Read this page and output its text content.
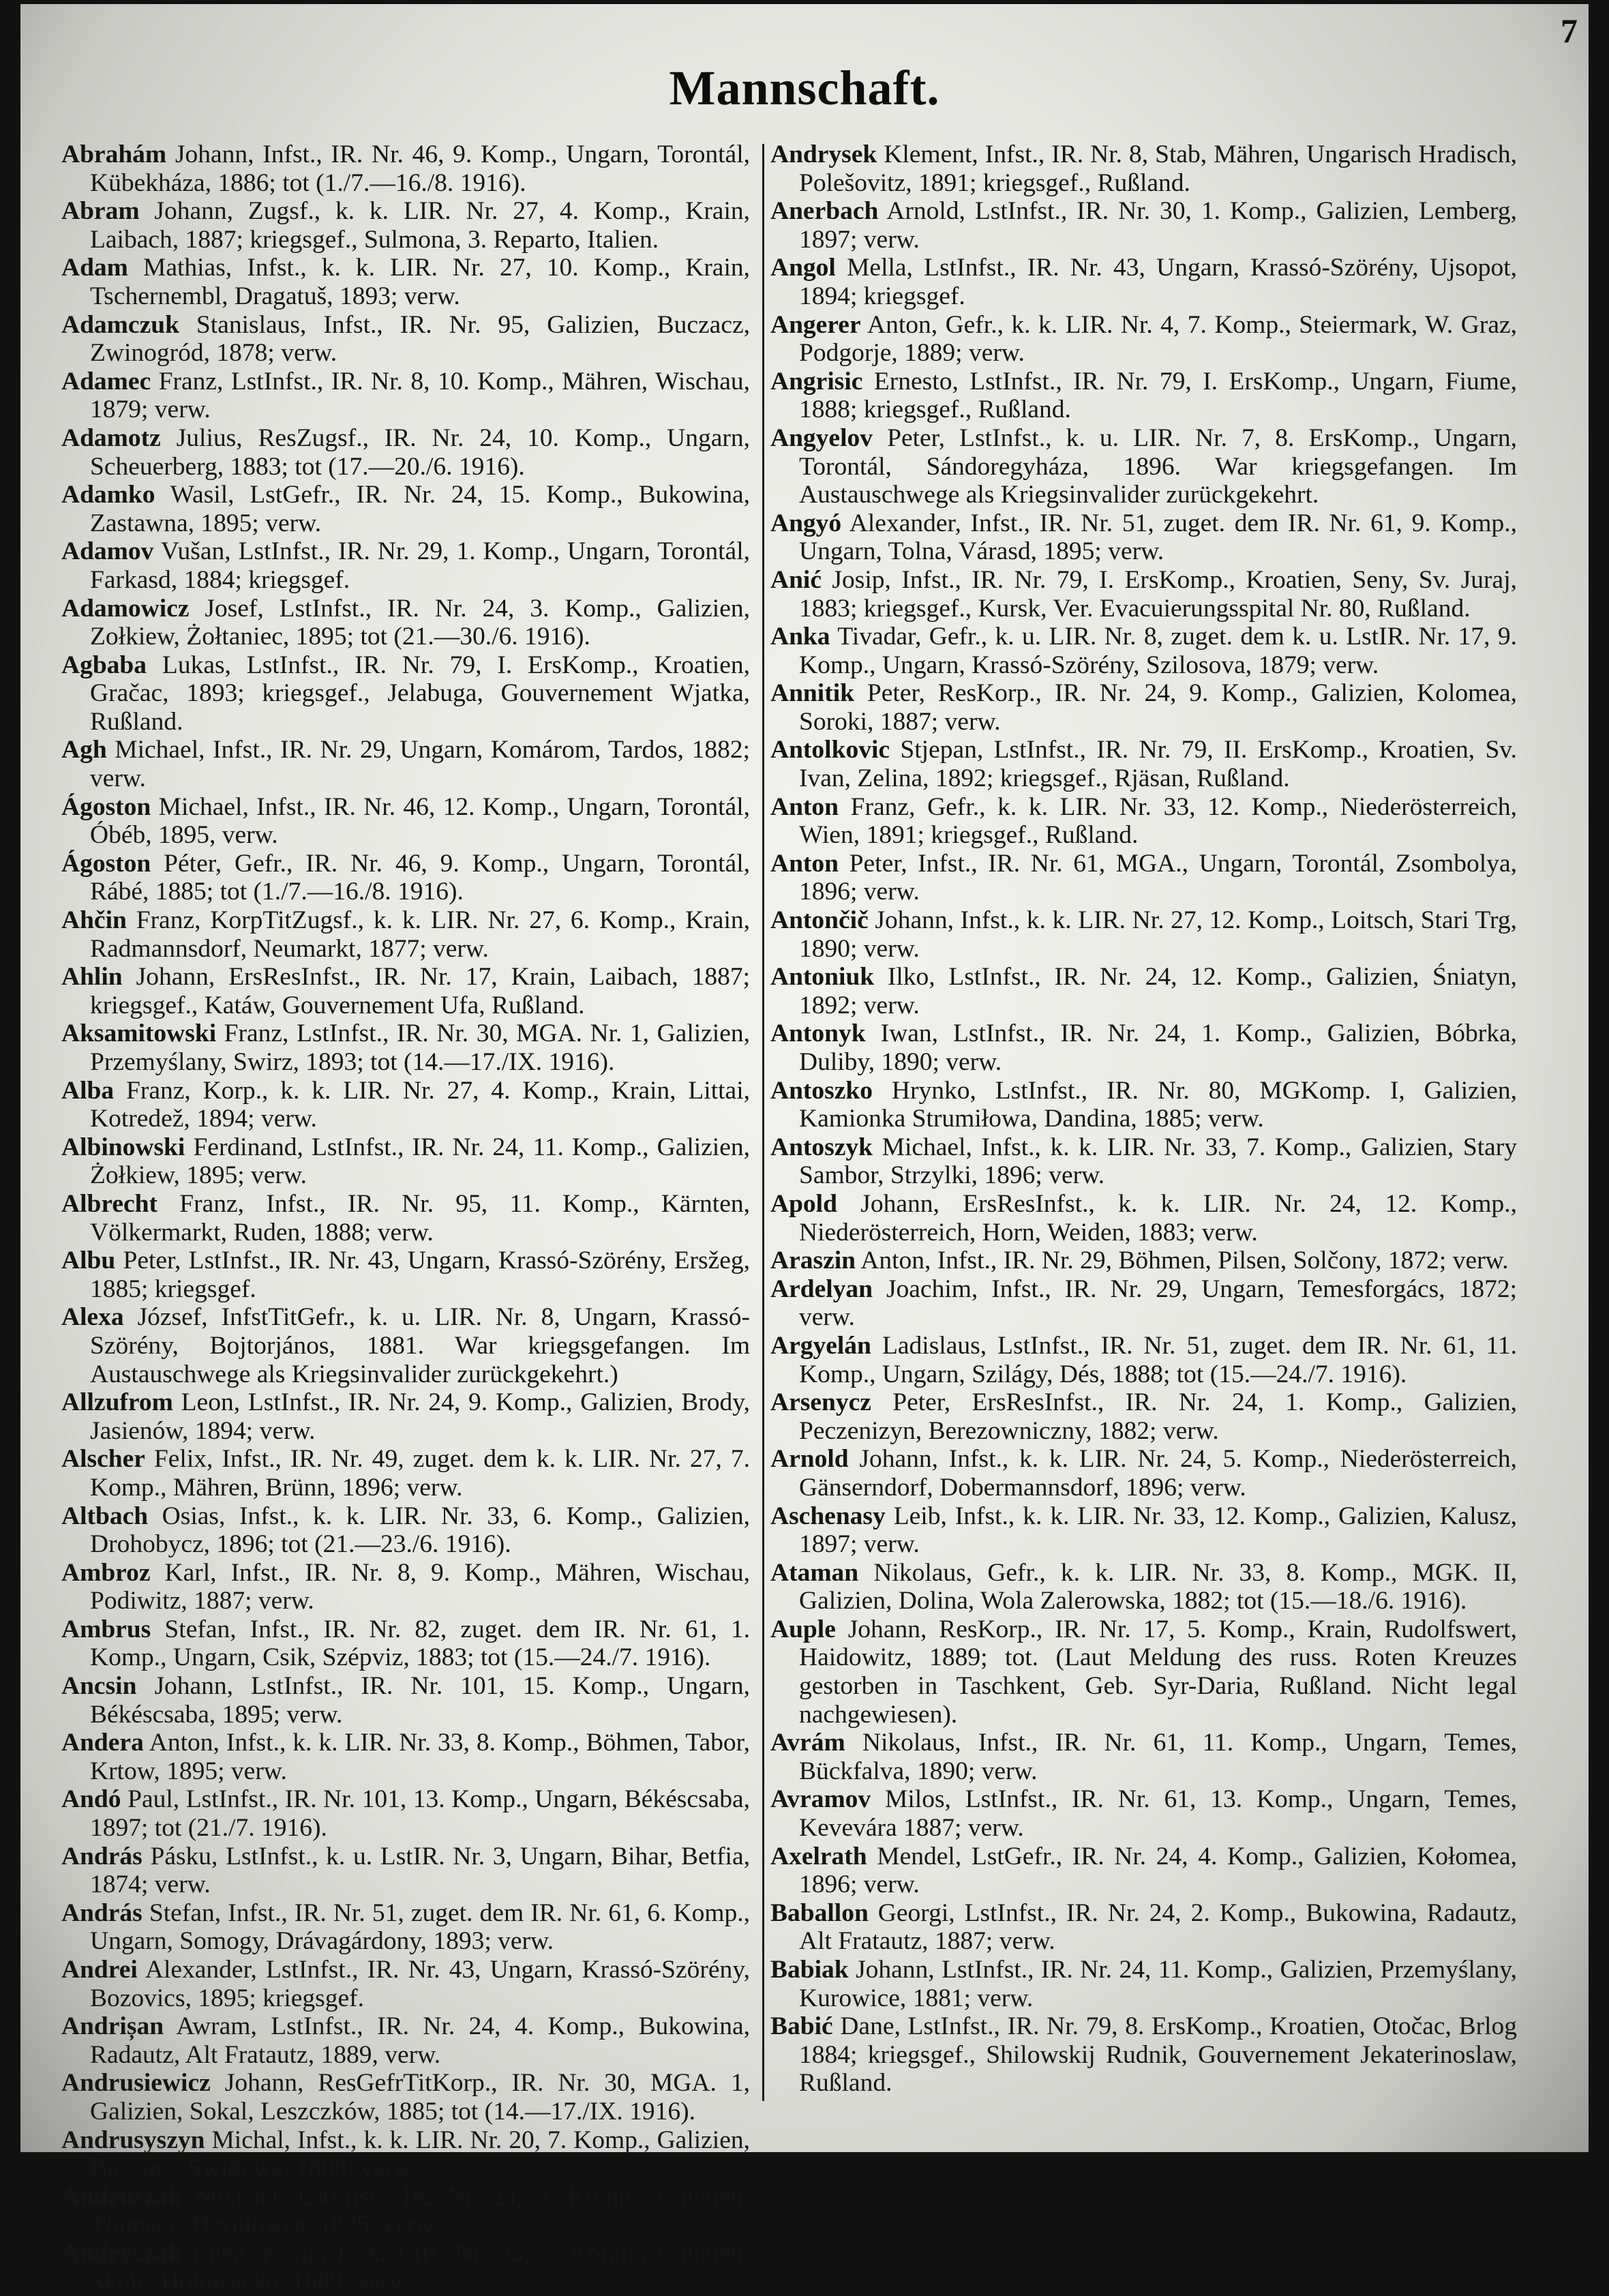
7
Mannschaft.

Abrahám Johann, Infst., IR. Nr. 46, 9. Komp., Ungarn, Torontál, Kübekháza, 1886; tot (1./7.—16./8. 1916).

Abram Johann, Zugsf., k. k. LIR. Nr. 27, 4. Komp., Krain, Laibach, 1887; kriegsgef., Sulmona, 3. Reparto, Italien.

Adam Mathias, Infst., k. k. LIR. Nr. 27, 10. Komp., Krain, Tschernembl, Dragatuš, 1893; verw.

Adamczuk Stanislaus, Infst., IR. Nr. 95, Galizien, Buczacz, Zwinogród, 1878; verw.

Adamec Franz, LstInfst., IR. Nr. 8, 10. Komp., Mähren, Wischau, 1879; verw.

Adamotz Julius, ResZugsf., IR. Nr. 24, 10. Komp., Ungarn, Scheuerberg, 1883; tot (17.—20./6. 1916).

Adamko Wasil, LstGefr., IR. Nr. 24, 15. Komp., Bukowina, Zastawna, 1895; verw.

Adamov Vušan, LstInfst., IR. Nr. 29, 1. Komp., Ungarn, Torontál, Farkasd, 1884; kriegsgef.

Adamowicz Josef, LstInfst., IR. Nr. 24, 3. Komp., Galizien, Zołkiew, Żołtaniec, 1895; tot (21.—30./6. 1916).

Agbaba Lukas, LstInfst., IR. Nr. 79, I. ErsKomp., Kroatien, Gračac, 1893; kriegsgef., Jelabuga, Gouvernement Wjatka, Rußland.

Agh Michael, Infst., IR. Nr. 29, Ungarn, Komárom, Tardos, 1882; verw.

Ágoston Michael, Infst., IR. Nr. 46, 12. Komp., Ungarn, Torontál, Óbéb, 1895, verw.

Ágoston Péter, Gefr., IR. Nr. 46, 9. Komp., Ungarn, Torontál, Rábé, 1885; tot (1./7.—16./8. 1916).

Ahčin Franz, KorpTitZugsf., k. k. LIR. Nr. 27, 6. Komp., Krain, Radmannsdorf, Neumarkt, 1877; verw.

Ahlin Johann, ErsResInfst., IR. Nr. 17, Krain, Laibach, 1887; kriegsgef., Katáw, Gouvernement Ufa, Rußland.

Aksamitowski Franz, LstInfst., IR. Nr. 30, MGA. Nr. 1, Galizien, Przemyślany, Swirz, 1893; tot (14.—17./IX. 1916).

Alba Franz, Korp., k. k. LIR. Nr. 27, 4. Komp., Krain, Littai, Kotredež, 1894; verw.

Albinowski Ferdinand, LstInfst., IR. Nr. 24, 11. Komp., Galizien, Żołkiew, 1895; verw.

Albrecht Franz, Infst., IR. Nr. 95, 11. Komp., Kärnten, Völkermarkt, Ruden, 1888; verw.

Albu Peter, LstInfst., IR. Nr. 43, Ungarn, Krassó-Szörény, Ersžeg, 1885; kriegsgef.

Alexa József, InfstTitGefr., k. u. LIR. Nr. 8, Ungarn, Krassó-Szörény, Bojtorjános, 1881. War kriegsgefangen. Im Austauschwege als Kriegsinvalider zurückgekehrt.)

Allzufrom Leon, LstInfst., IR. Nr. 24, 9. Komp., Galizien, Brody, Jasienów, 1894; verw.

Alscher Felix, Infst., IR. Nr. 49, zuget. dem k. k. LIR. Nr. 27, 7. Komp., Mähren, Brünn, 1896; verw.

Altbach Osias, Infst., k. k. LIR. Nr. 33, 6. Komp., Galizien, Drohobycz, 1896; tot (21.—23./6. 1916).

Ambroz Karl, Infst., IR. Nr. 8, 9. Komp., Mähren, Wischau, Podiwitz, 1887; verw.

Ambrus Stefan, Infst., IR. Nr. 82, zuget. dem IR. Nr. 61, 1. Komp., Ungarn, Csik, Szépviz, 1883; tot (15.—24./7. 1916).

Ancsin Johann, LstInfst., IR. Nr. 101, 15. Komp., Ungarn, Békéscsaba, 1895; verw.

Andera Anton, Infst., k. k. LIR. Nr. 33, 8. Komp., Böhmen, Tabor, Krtow, 1895; verw.

Andó Paul, LstInfst., IR. Nr. 101, 13. Komp., Ungarn, Békéscsaba, 1897; tot (21./7. 1916).

András Pásku, LstInfst., k. u. LstIR. Nr. 3, Ungarn, Bihar, Betfia, 1874; verw.

András Stefan, Infst., IR. Nr. 51, zuget. dem IR. Nr. 61, 6. Komp., Ungarn, Somogy, Drávagárdony, 1893; verw.

Andrei Alexander, LstInfst., IR. Nr. 43, Ungarn, Krassó-Szörény, Bozovics, 1895; kriegsgef.

Andrișan Awram, LstInfst., IR. Nr. 24, 4. Komp., Bukowina, Radautz, Alt Fratautz, 1889, verw.

Andrusiewicz Johann, ResGefrTitKorp., IR. Nr. 30, MGA. 1, Galizien, Sokal, Leszczków, 1885; tot (14.—17./IX. 1916).

Andrusyszyn Michal, Infst., k. k. LIR. Nr. 20, 7. Komp., Galizien, Buczurz, Świdowa, 1888; verw.

Andruszak Michael, LstInfst., IR. Nr. 24, 3. Komp., Galizien, Tłumacz, Hryniowce, 1895; verw.

Andryczak Luka, Korp., k. k. LIR. Nr. 33, 3. Komp., Galizien, Skole, Holowecko, 1889; verw.

Andrysek Klement, Infst., IR. Nr. 8, Stab, Mähren, Ungarisch Hradisch, Polešovitz, 1891; kriegsgef., Rußland.

Anerbach Arnold, LstInfst., IR. Nr. 30, 1. Komp., Galizien, Lemberg, 1897; verw.

Angol Mella, LstInfst., IR. Nr. 43, Ungarn, Krassó-Szörény, Ujsopot, 1894; kriegsgef.

Angerer Anton, Gefr., k. k. LIR. Nr. 4, 7. Komp., Steiermark, W. Graz, Podgorje, 1889; verw.

Angrisic Ernesto, LstInfst., IR. Nr. 79, I. ErsKomp., Ungarn, Fiume, 1888; kriegsgef., Rußland.

Angyelov Peter, LstInfst., k. u. LIR. Nr. 7, 8. ErsKomp., Ungarn, Torontál, Sándoregyháza, 1896. War kriegsgefangen. Im Austauschwege als Kriegsinvalider zurückgekehrt.

Angyó Alexander, Infst., IR. Nr. 51, zuget. dem IR. Nr. 61, 9. Komp., Ungarn, Tolna, Várasd, 1895; verw.

Anić Josip, Infst., IR. Nr. 79, I. ErsKomp., Kroatien, Seny, Sv. Juraj, 1883; kriegsgef., Kursk, Ver. Evacuierungsspital Nr. 80, Rußland.

Anka Tivadar, Gefr., k. u. LIR. Nr. 8, zuget. dem k. u. LstIR. Nr. 17, 9. Komp., Ungarn, Krassó-Szörény, Szilosova, 1879; verw.

Annitik Peter, ResKorp., IR. Nr. 24, 9. Komp., Galizien, Kolomea, Soroki, 1887; verw.

Antolkovic Stjepan, LstInfst., IR. Nr. 79, II. ErsKomp., Kroatien, Sv. Ivan, Zelina, 1892; kriegsgef., Rjäsan, Rußland.

Anton Franz, Gefr., k. k. LIR. Nr. 33, 12. Komp., Niederösterreich, Wien, 1891; kriegsgef., Rußland.

Anton Peter, Infst., IR. Nr. 61, MGA., Ungarn, Torontál, Zsombolya, 1896; verw.

Antončič Johann, Infst., k. k. LIR. Nr. 27, 12. Komp., Loitsch, Stari Trg, 1890; verw.

Antoniuk Ilko, LstInfst., IR. Nr. 24, 12. Komp., Galizien, Śniatyn, 1892; verw.

Antonyk Iwan, LstInfst., IR. Nr. 24, 1. Komp., Galizien, Bóbrka, Duliby, 1890; verw.

Antoszko Hrynko, LstInfst., IR. Nr. 80, MGKomp. I, Galizien, Kamionka Strumiłowa, Dandina, 1885; verw.

Antoszyk Michael, Infst., k. k. LIR. Nr. 33, 7. Komp., Galizien, Stary Sambor, Strzylki, 1896; verw.

Apold Johann, ErsResInfst., k. k. LIR. Nr. 24, 12. Komp., Niederösterreich, Horn, Weiden, 1883; verw.

Araszin Anton, Infst., IR. Nr. 29, Böhmen, Pilsen, Solčony, 1872; verw.

Ardelyan Joachim, Infst., IR. Nr. 29, Ungarn, Temesforgács, 1872; verw.

Argyelán Ladislaus, LstInfst., IR. Nr. 51, zuget. dem IR. Nr. 61, 11. Komp., Ungarn, Szilágy, Dés, 1888; tot (15.—24./7. 1916).

Arsenycz Peter, ErsResInfst., IR. Nr. 24, 1. Komp., Galizien, Peczenizyn, Berezowniczny, 1882; verw.

Arnold Johann, Infst., k. k. LIR. Nr. 24, 5. Komp., Niederösterreich, Gänserndorf, Dobermannsdorf, 1896; verw.

Aschenasy Leib, Infst., k. k. LIR. Nr. 33, 12. Komp., Galizien, Kalusz, 1897; verw.

Ataman Nikolaus, Gefr., k. k. LIR. Nr. 33, 8. Komp., MGK. II, Galizien, Dolina, Wola Zalerowska, 1882; tot (15.—18./6. 1916).

Auple Johann, ResKorp., IR. Nr. 17, 5. Komp., Krain, Rudolfswert, Haidowitz, 1889; tot. (Laut Meldung des russ. Roten Kreuzes gestorben in Taschkent, Geb. Syr-Daria, Rußland. Nicht legal nachgewiesen).

Avrám Nikolaus, Infst., IR. Nr. 61, 11. Komp., Ungarn, Temes, Bückfalva, 1890; verw.

Avramov Milos, LstInfst., IR. Nr. 61, 13. Komp., Ungarn, Temes, Kevevára 1887; verw.

Axelrath Mendel, LstGefr., IR. Nr. 24, 4. Komp., Galizien, Kołomea, 1896; verw.

Baballon Georgi, LstInfst., IR. Nr. 24, 2. Komp., Bukowina, Radautz, Alt Fratautz, 1887; verw.

Babiak Johann, LstInfst., IR. Nr. 24, 11. Komp., Galizien, Przemyślany, Kurowice, 1881; verw.

Babić Dane, LstInfst., IR. Nr. 79, 8. ErsKomp., Kroatien, Otočac, Brlog 1884; kriegsgef., Shilowskij Rudnik, Gouvernement Jekaterinoslaw, Rußland.
